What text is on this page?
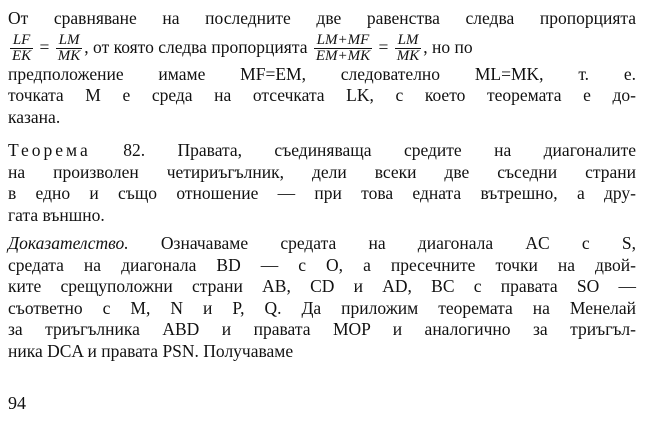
От сравняване на последните две равенства следва пропорцията
$\frac{LF}{EK} = \frac{LM}{MK}$ , от която следва пропорцията $\frac{LM+MF}{EM+MK} = \frac{LM}{MK}$ , но по
предположение имаме MF=EM, следователно ML=MK, т. е.
точката M е среда на отсечката LK, с което теоремата е до-
казана.
Теорема 82. Правата, съединяваща средите на диагоналите
на произволен четириъгълник, дели всеки две съседни страни
в едно и също отношение — при това едната вътрешно, а дру-
гата външно.
Доказателство. Означаваме средата на диагонала AC с S,
средата на диагонала BD — с O, а пресечните точки на двой-
ките срещуположни страни AB, CD и AD, BC с правата SO —
съответно с M, N и P, Q. Да приложим теоремата на Менелай
за триъгълника ABD и правата MOP и аналогично за триъгъл-
ника DCA и правата PSN. Получаваме
94
